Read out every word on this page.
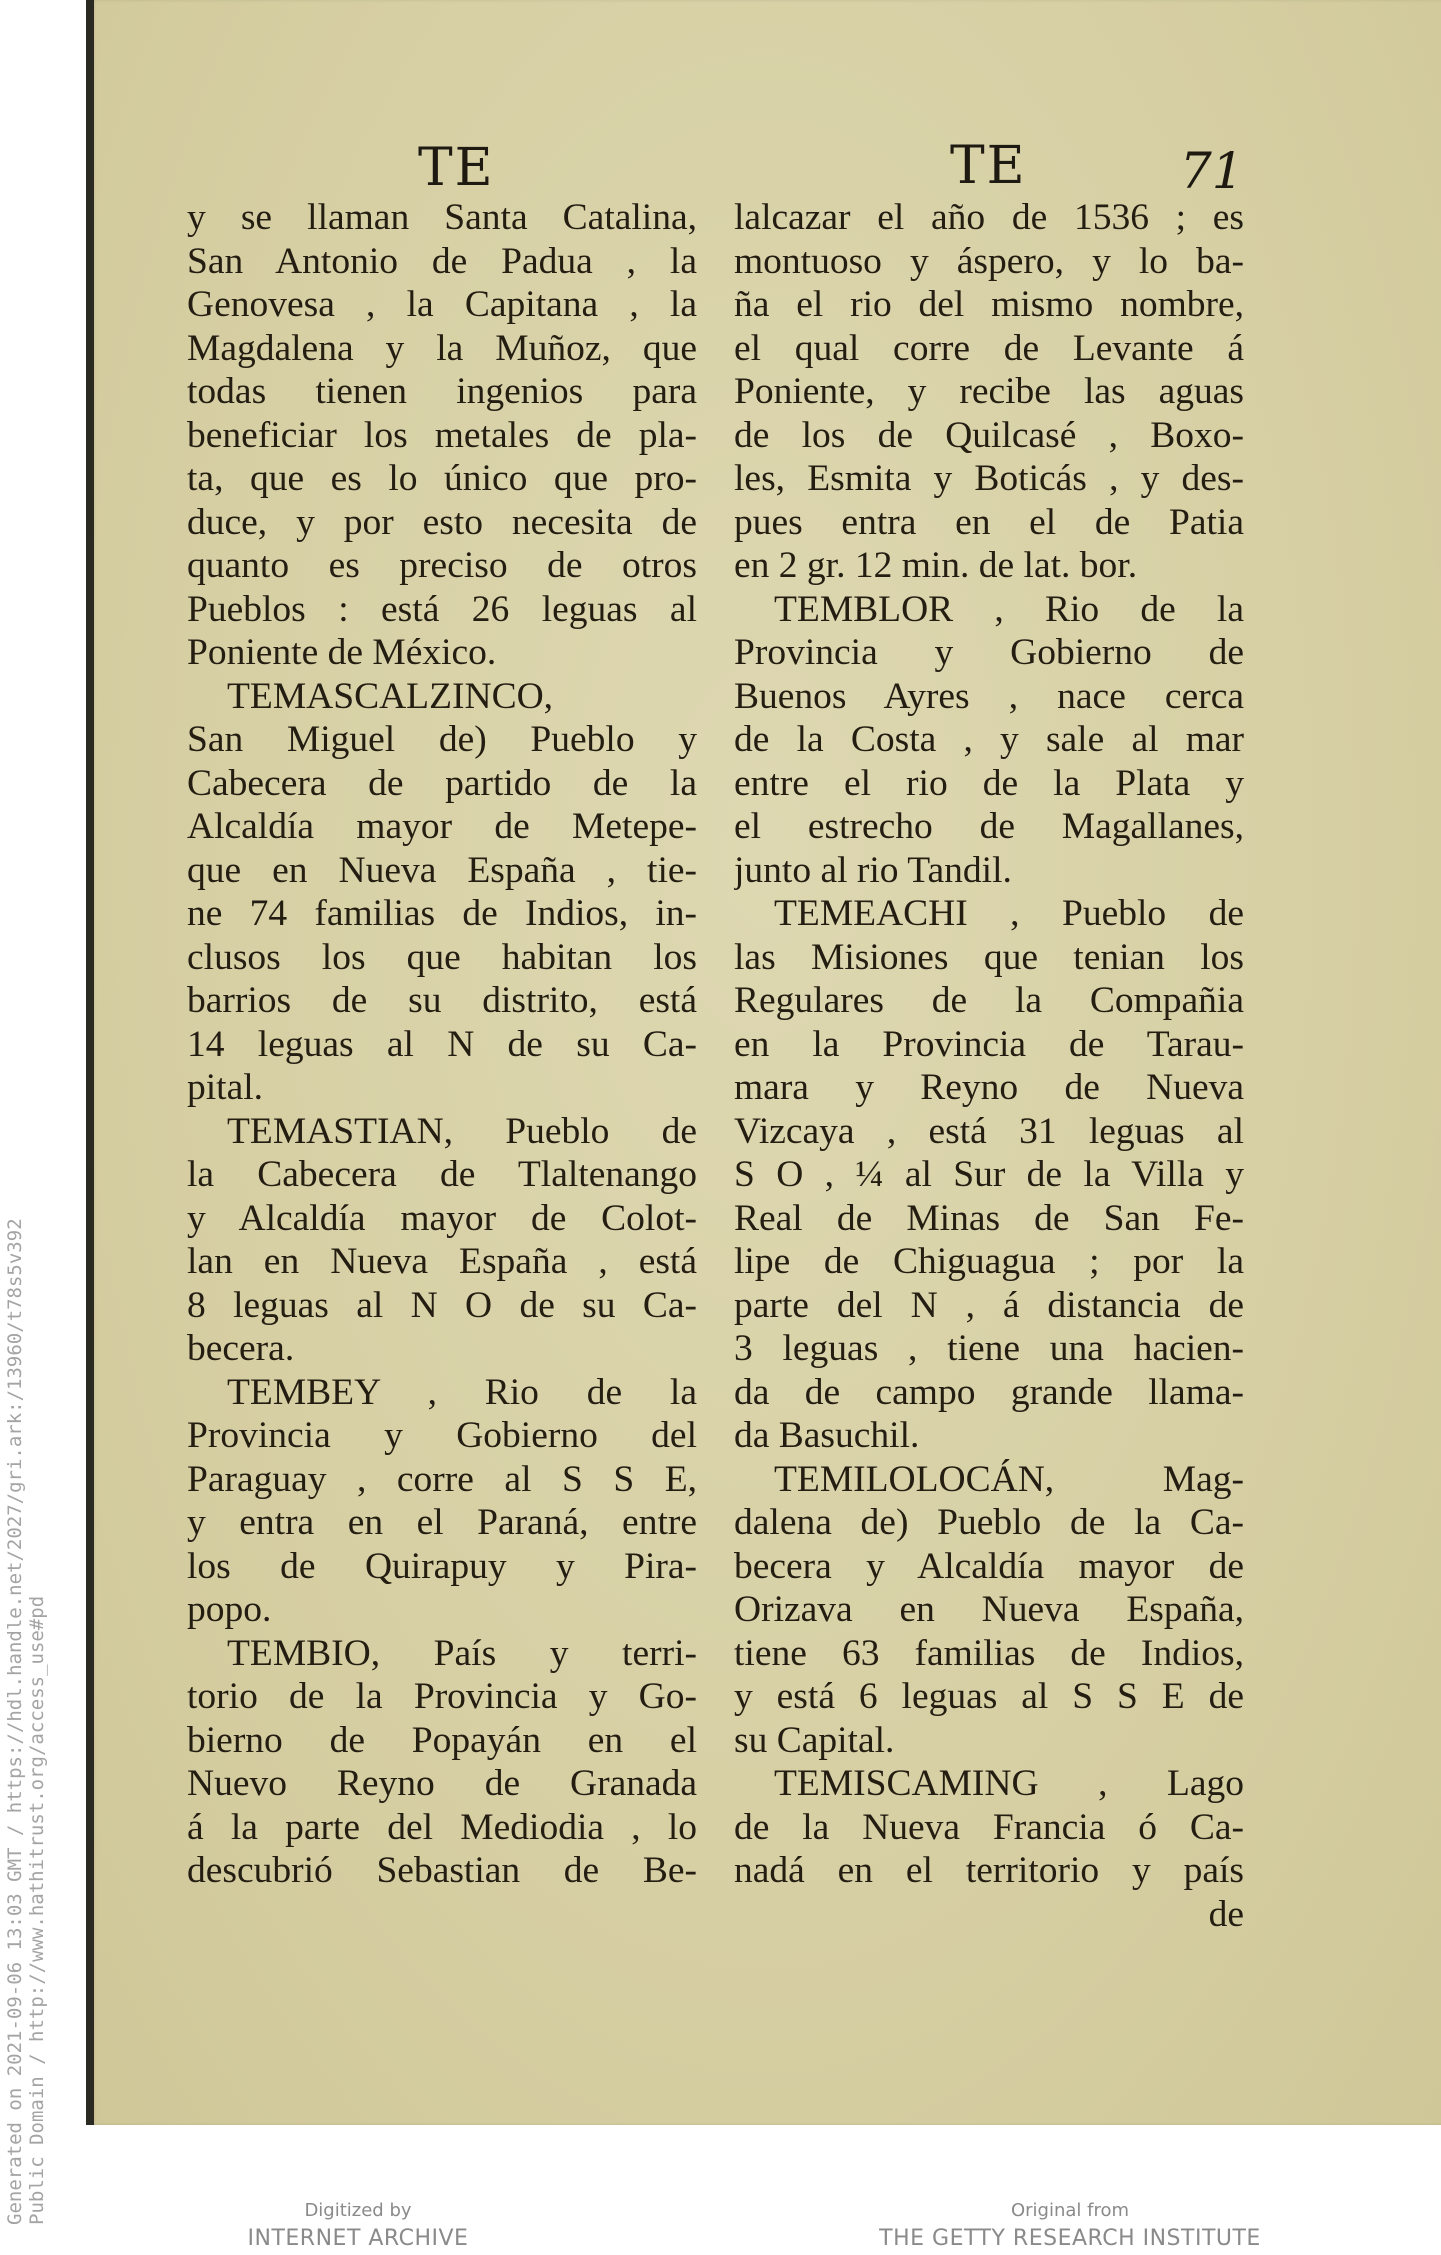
TE	TE	71
y se llaman Santa Catalina,
San Antonio de Padua , la
Genovesa , la Capitana , la
Magdalena y la Muñoz, que
todas tienen ingenios para
beneficiar los metales de pla-
ta, que es lo único que pro-
duce, y por esto necesita de
quanto es preciso de otros
Pueblos : está 26 leguas al
Poniente de México.
TEMASCALZINCO,
San Miguel de) Pueblo y
Cabecera de partido de la
Alcaldía mayor de Metepe-
que en Nueva España , tie-
ne 74 familias de Indios, in-
clusos los que habitan los
barrios de su distrito, está
14 leguas al N de su Ca-
pital.
TEMASTIAN, Pueblo de
la Cabecera de Tlaltenango
y Alcaldía mayor de Colot-
lan en Nueva España , está
8 leguas al N O de su Ca-
becera.
TEMBEY , Rio de la
Provincia y Gobierno del
Paraguay , corre al S S E,
y entra en el Paraná, entre
los de Quirapuy y Pira-
popo.
TEMBIO, País y terri-
torio de la Provincia y Go-
bierno de Popayán en el
Nuevo Reyno de Granada
á la parte del Mediodia , lo
descubrió Sebastian de Be-
lalcazar el año de 1536 ; es
montuoso y áspero, y lo ba-
ña el rio del mismo nombre,
el qual corre de Levante á
Poniente, y recibe las aguas
de los de Quilcasé , Boxo-
les, Esmita y Boticás , y des-
pues entra en el de Patia
en 2 gr. 12 min. de lat. bor.
TEMBLOR , Rio de la
Provincia y Gobierno de
Buenos Ayres , nace cerca
de la Costa , y sale al mar
entre el rio de la Plata y
el estrecho de Magallanes,
junto al rio Tandil.
TEMEACHI , Pueblo de
las Misiones que tenian los
Regulares de la Compañia
en la Provincia de Tarau-
mara y Reyno de Nueva
Vizcaya , está 31 leguas al
S O , ¼ al Sur de la Villa y
Real de Minas de San Fe-
lipe de Chiguagua ; por la
parte del N , á distancia de
3 leguas , tiene una hacien-
da de campo grande llama-
da Basuchil.
TEMILOLOCÁN, Mag-
dalena de) Pueblo de la Ca-
becera y Alcaldía mayor de
Orizava en Nueva España,
tiene 63 familias de Indios,
y está 6 leguas al S S E de
su Capital.
TEMISCAMING , Lago
de la Nueva Francia ó Ca-
nadá en el territorio y país
de
Generated on 2021-09-06 13:03 GMT / https://hdl.handle.net/2027/gri.ark:/13960/t78s5v392 Public Domain / http://www.hathitrust.org/access_use#pd	Digitized by
INTERNET ARCHIVE
Original from
THE GETTY RESEARCH INSTITUTE
